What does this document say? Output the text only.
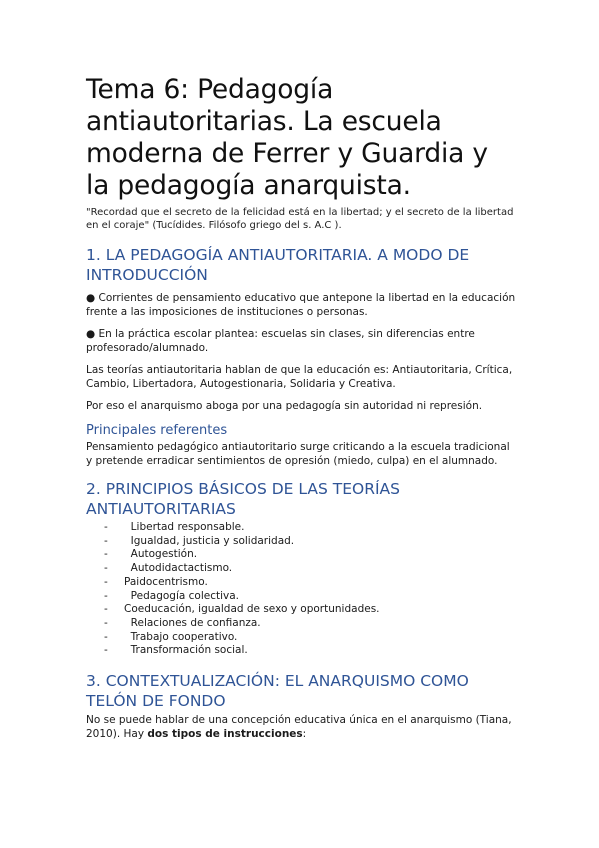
Tema 6: Pedagogía antiautoritarias. La escuela moderna de Ferrer y Guardia y la pedagogía anarquista.

"Recordad que el secreto de la felicidad está en la libertad; y el secreto de la libertad en el coraje" (Tucídides. Filósofo griego del s. A.C ).

1. LA PEDAGOGÍA ANTIAUTORITARIA. A MODO DE INTRODUCCIÓN

● Corrientes de pensamiento educativo que antepone la libertad en la educación frente a las imposiciones de instituciones o personas.

● En la práctica escolar plantea: escuelas sin clases, sin diferencias entre profesorado/alumnado.

Las teorías antiautoritaria hablan de que la educación es: Antiautoritaria, Crítica, Cambio, Libertadora, Autogestionaria, Solidaria y Creativa.

Por eso el anarquismo aboga por una pedagogía sin autoridad ni represión.

Principales referentes

Pensamiento pedagógico antiautoritario surge criticando a la escuela tradicional y pretende erradicar sentimientos de opresión (miedo, culpa) en el alumnado.

2. PRINCIPIOS BÁSICOS DE LAS TEORÍAS ANTIAUTORITARIAS
-	Libertad responsable.
-	Igualdad, justicia y solidaridad.
-	Autogestión.
-	Autodidactactismo.
-	Paidocentrismo.
-	Pedagogía colectiva.
-	Coeducación, igualdad de sexo y oportunidades.
-	Relaciones de confianza.
-	Trabajo cooperativo.
-	Transformación social.
3. CONTEXTUALIZACIÓN: EL ANARQUISMO COMO TELÓN DE FONDO

No se puede hablar de una concepción educativa única en el anarquismo (Tiana, 2010). Hay dos tipos de instrucciones:
